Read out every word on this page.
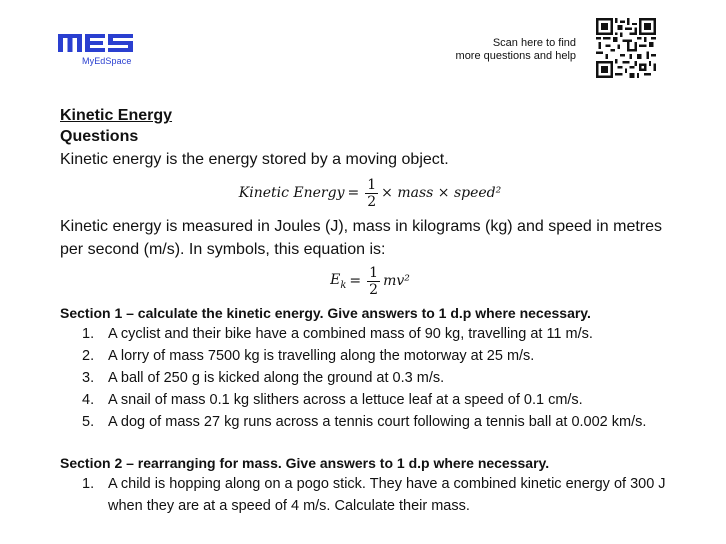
MyEdSpace
Scan here to find
more questions and help
Kinetic Energy
Questions

Kinetic energy is the energy stored by a moving object.

Kinetic Energy = $\frac{1}{2}$ × mass × speed²

Kinetic energy is measured in Joules (J), mass in kilograms (kg) and speed in metres per second (m/s). In symbols, this equation is:

$E_k = \frac{1}{2} mv^2$

Section 1 – calculate the kinetic energy. Give answers to 1 d.p where necessary.

1. A cyclist and their bike have a combined mass of 90 kg, travelling at 11 m/s.
2. A lorry of mass 7500 kg is travelling along the motorway at 25 m/s.
3. A ball of 250 g is kicked along the ground at 0.3 m/s.
4. A snail of mass 0.1 kg slithers across a lettuce leaf at a speed of 0.1 cm/s.
5. A dog of mass 27 kg runs across a tennis court following a tennis ball at 0.002 km/s.

Section 2 – rearranging for mass. Give answers to 1 d.p where necessary.

1. A child is hopping along on a pogo stick. They have a combined kinetic energy of 300 J when they are at a speed of 4 m/s. Calculate their mass.
